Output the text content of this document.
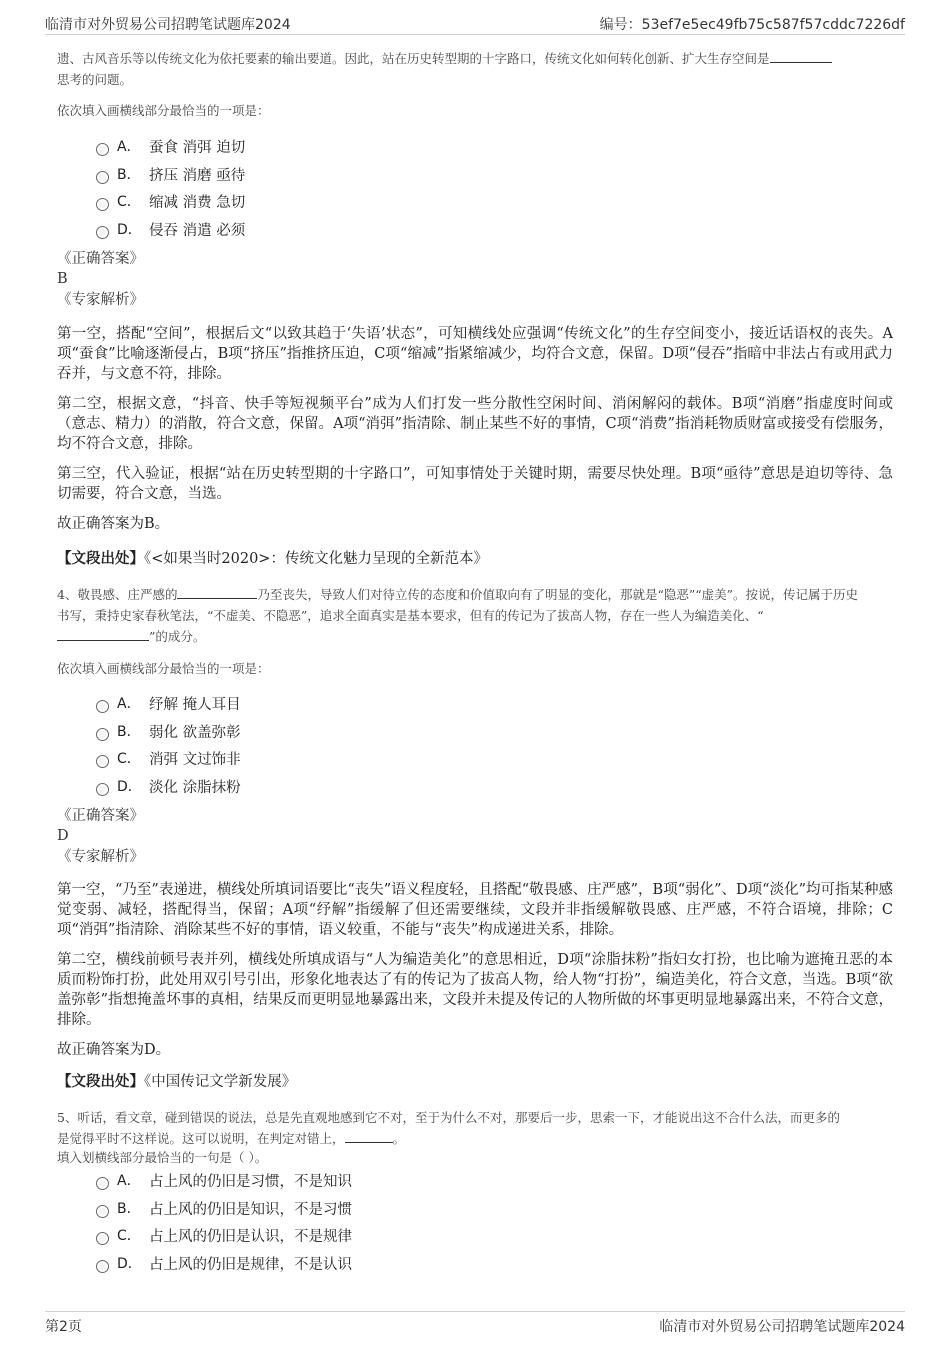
临清市对外贸易公司招聘笔试题库2024	编号：53ef7e5ec49fb75c587f57cddc7226df
遗、古风音乐等以传统文化为依托要素的输出要道。因此，站在历史转型期的十字路口，传统文化如何转化创新、扩大生存空间是
思考的问题。
依次填入画横线部分最恰当的一项是：
A． 蚕食 消弭 迫切
B． 挤压 消磨 亟待
C． 缩减 消费 急切
D． 侵吞 消遣 必须
《正确答案》
B
《专家解析》
第一空，搭配“空间”，根据后文“以致其趋于‘失语’状态”，可知横线处应强调“传统文化”的生存空间变小，接近话语权的丧失。A项“蚕食”比喻逐渐侵占，B项“挤压”指推挤压迫，C项“缩减”指紧缩减少，均符合文意，保留。D项“侵吞”指暗中非法占有或用武力吞并，与文意不符，排除。
第二空，根据文意，“抖音、快手等短视频平台”成为人们打发一些分散性空闲时间、消闲解闷的载体。B项“消磨”指虚度时间或（意志、精力）的消散，符合文意，保留。A项“消弭”指清除、制止某些不好的事情，C项“消费”指消耗物质财富或接受有偿服务，均不符合文意，排除。
第三空，代入验证，根据“站在历史转型期的十字路口”，可知事情处于关键时期，需要尽快处理。B项“亟待”意思是迫切等待、急切需要，符合文意，当选。
故正确答案为B。
【文段出处】《<如果当时2020>：传统文化魅力呈现的全新范本》
4、敬畏感、庄严感的	乃至丧失，导致人们对待立传的态度和价值取向有了明显的变化，那就是“隐恶”“虚美”。按说，传记属于历史
书写，秉持史家春秋笔法，“不虚美、不隐恶”，追求全面真实是基本要求，但有的传记为了拔高人物，存在一些人为编造美化、“
”的成分。
依次填入画横线部分最恰当的一项是：
A． 纾解 掩人耳目
B． 弱化 欲盖弥彰
C． 消弭 文过饰非
D． 淡化 涂脂抹粉
《正确答案》
D
《专家解析》
第一空，“乃至”表递进，横线处所填词语要比“丧失”语义程度轻，且搭配“敬畏感、庄严感”，B项“弱化”、D项“淡化”均可指某种感觉变弱、减轻，搭配得当，保留；A项“纾解”指缓解了但还需要继续，文段并非指缓解敬畏感、庄严感，不符合语境，排除；C项“消弭”指清除、消除某些不好的事情，语义较重，不能与“丧失”构成递进关系，排除。
第二空，横线前顿号表并列，横线处所填成语与“人为编造美化”的意思相近，D项“涂脂抹粉”指妇女打扮，也比喻为遮掩丑恶的本质而粉饰打扮，此处用双引号引出，形象化地表达了有的传记为了拔高人物，给人物“打扮”，编造美化，符合文意，当选。B项“欲盖弥彰”指想掩盖坏事的真相，结果反而更明显地暴露出来，文段并未提及传记的人物所做的坏事更明显地暴露出来，不符合文意，排除。
故正确答案为D。
【文段出处】《中国传记文学新发展》
5、听话，看文章，碰到错误的说法，总是先直观地感到它不对，至于为什么不对，那要后一步，思索一下，才能说出这不合什么法，而更多的
是觉得平时不这样说。这可以说明，在判定对错上，	。
填入划横线部分最恰当的一句是（ ）。
A． 占上风的仍旧是习惯，不是知识
B． 占上风的仍旧是知识，不是习惯
C． 占上风的仍旧是认识，不是规律
D． 占上风的仍旧是规律，不是认识
第2页	临清市对外贸易公司招聘笔试题库2024
